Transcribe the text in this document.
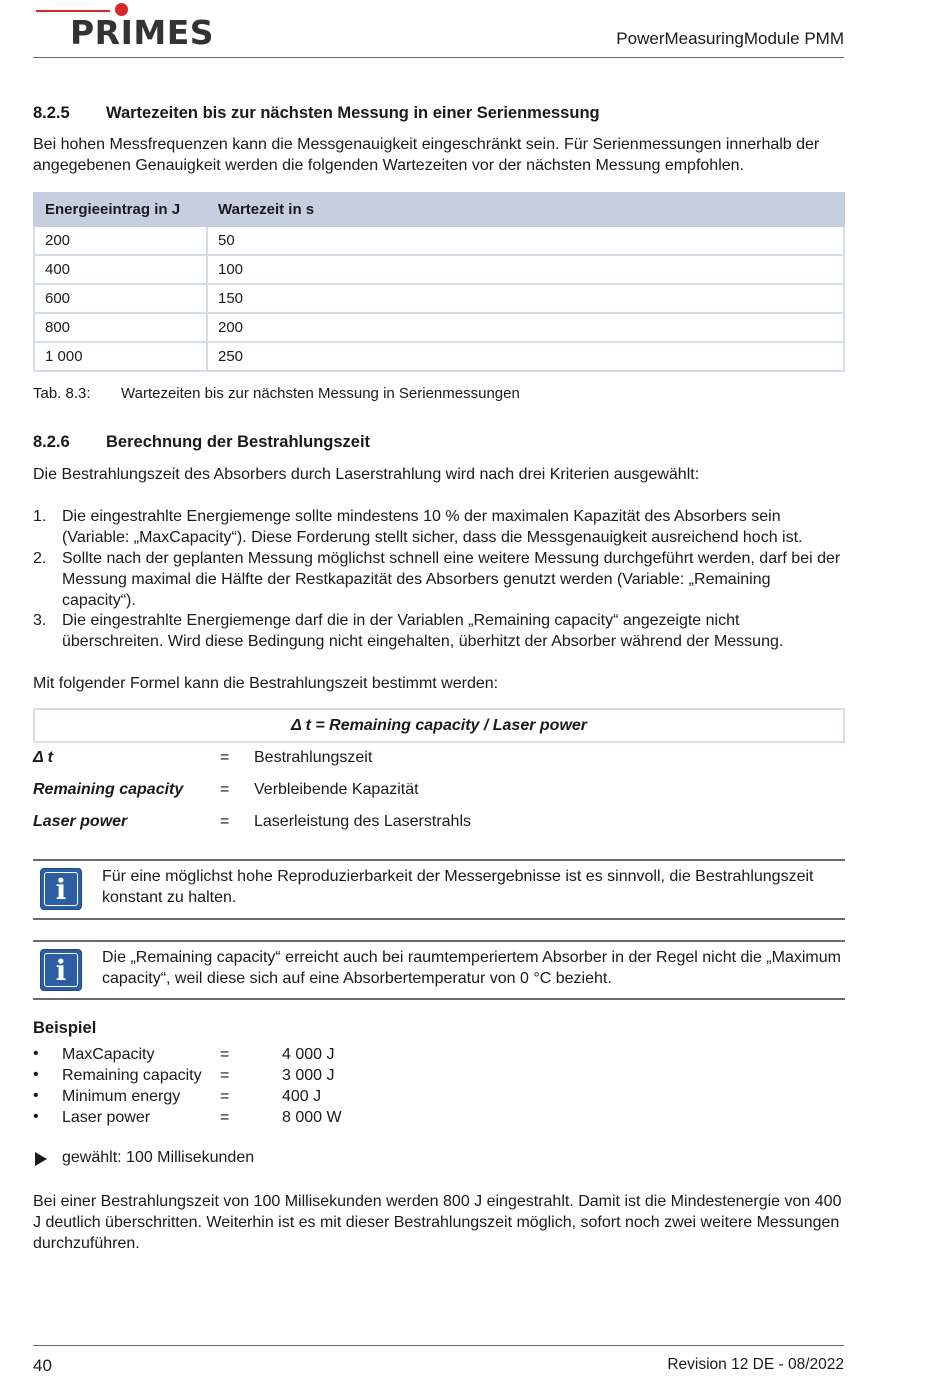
PRIMES	PowerMeasuringModule PMM
8.2.5 Wartezeiten bis zur nächsten Messung in einer Serienmessung

Bei hohen Messfrequenzen kann die Messgenauigkeit eingeschränkt sein. Für Serienmessungen innerhalb der angegebenen Genauigkeit werden die folgenden Wartezeiten vor der nächsten Messung empfohlen.

Energieeintrag in J	Wartezeit in s
200	50
400	100
600	150
800	200
1 000	250
Tab. 8.3: Wartezeiten bis zur nächsten Messung in Serienmessungen
8.2.6 Berechnung der Bestrahlungszeit

Die Bestrahlungszeit des Absorbers durch Laserstrahlung wird nach drei Kriterien ausgewählt:

1. Die eingestrahlte Energiemenge sollte mindestens 10 % der maximalen Kapazität des Absorbers sein (Variable: „MaxCapacity“). Diese Forderung stellt sicher, dass die Messgenauigkeit ausreichend hoch ist.
2. Sollte nach der geplanten Messung möglichst schnell eine weitere Messung durchgeführt werden, darf bei der Messung maximal die Hälfte der Restkapazität des Absorbers genutzt werden (Variable: „Remaining capacity“).
3. Die eingestrahlte Energiemenge darf die in der Variablen „Remaining capacity“ angezeigte nicht überschreiten. Wird diese Bedingung nicht eingehalten, überhitzt der Absorber während der Messung.

Mit folgender Formel kann die Bestrahlungszeit bestimmt werden:

Δ t = Remaining capacity / Laser power
Δ t	= Bestrahlungszeit
Remaining capacity = Verbleibende Kapazität
Laser power	= Laserleistung des Laserstrahls
i	Für eine möglichst hohe Reproduzierbarkeit der Messergebnisse ist es sinnvoll, die Bestrahlungszeit konstant zu halten.
i	Die „Remaining capacity“ erreicht auch bei raumtemperiertem Absorber in der Regel nicht die „Maximum capacity“, weil diese sich auf eine Absorbertemperatur von 0 °C bezieht.
Beispiel
• MaxCapacity	=	4 000 J
• Remaining capacity =	3 000 J
• Minimum energy =	400 J
• Laser power	=	8 000 W
gewählt: 100 Millisekunden

Bei einer Bestrahlungszeit von 100 Millisekunden werden 800 J eingestrahlt. Damit ist die Mindestenergie von 400 J deutlich überschritten. Weiterhin ist es mit dieser Bestrahlungszeit möglich, sofort noch zwei weitere Messungen durchzuführen.

40	Revision 12 DE - 08/2022
